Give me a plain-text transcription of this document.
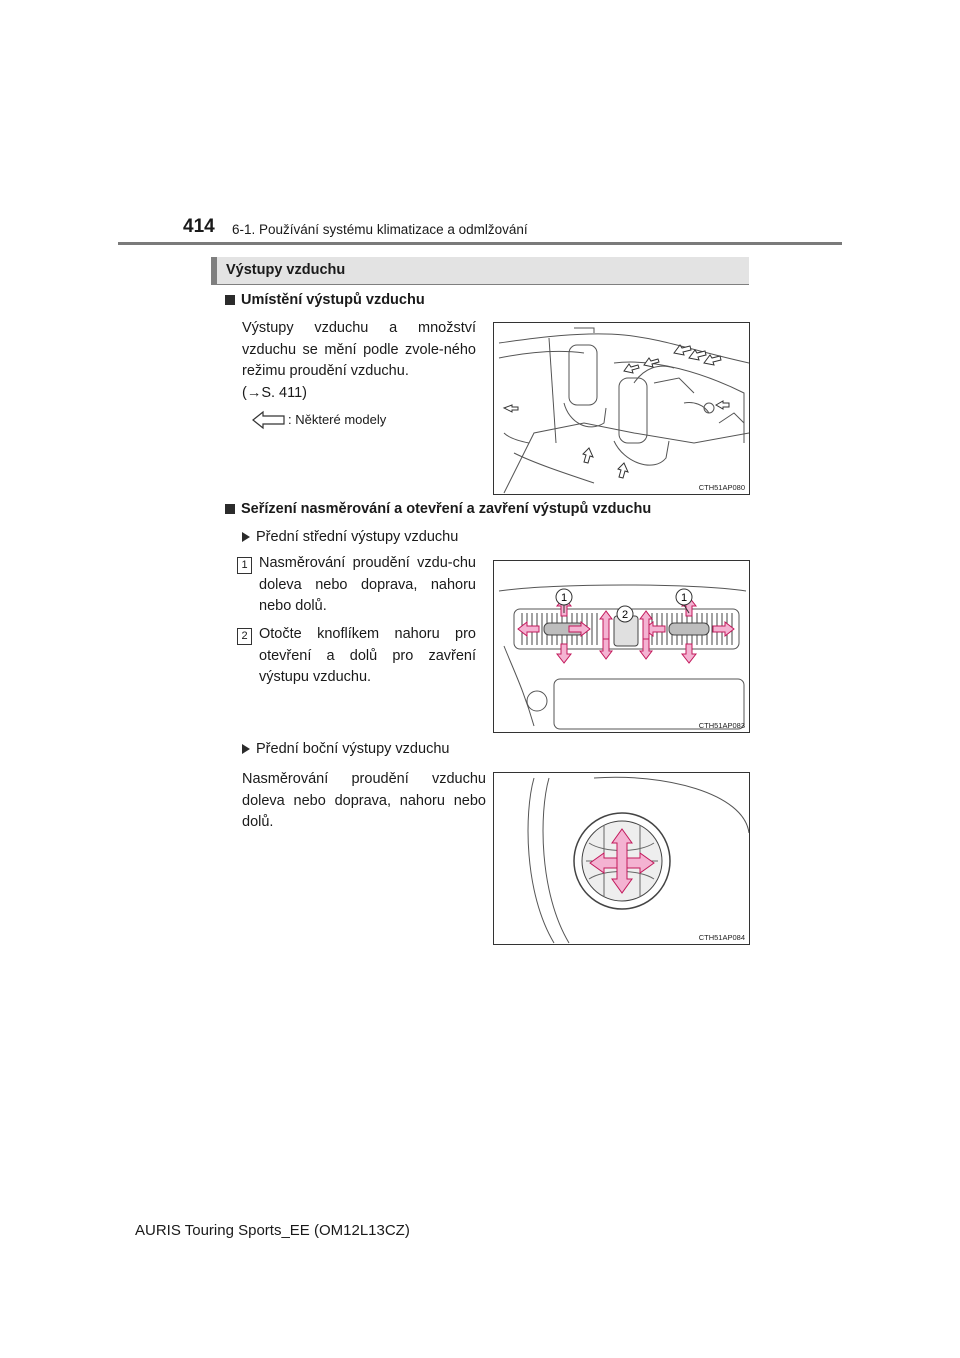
414 6-1. Používání systému klimatizace a odmlžování
Výstupy vzduchu
Umístění výstupů vzduchu
Výstupy vzduchu a množství vzduchu se mění podle zvole-ného režimu proudění vzduchu.
(→S. 411)
: Některé modely
CTH51AP080
Seřízení nasměrování a otevření a zavření výstupů vzduchu
Přední střední výstupy vzduchu
1 Nasměrování proudění vzdu-chu doleva nebo doprava, nahoru nebo dolů.
2 Otočte knoflíkem nahoru pro otevření a dolů pro zavření výstupu vzduchu.
1	1
2
CTH51AP083
Přední boční výstupy vzduchu
Nasměrování proudění vzduchu doleva nebo doprava, nahoru nebo dolů.
CTH51AP084
AURIS Touring Sports_EE (OM12L13CZ)
